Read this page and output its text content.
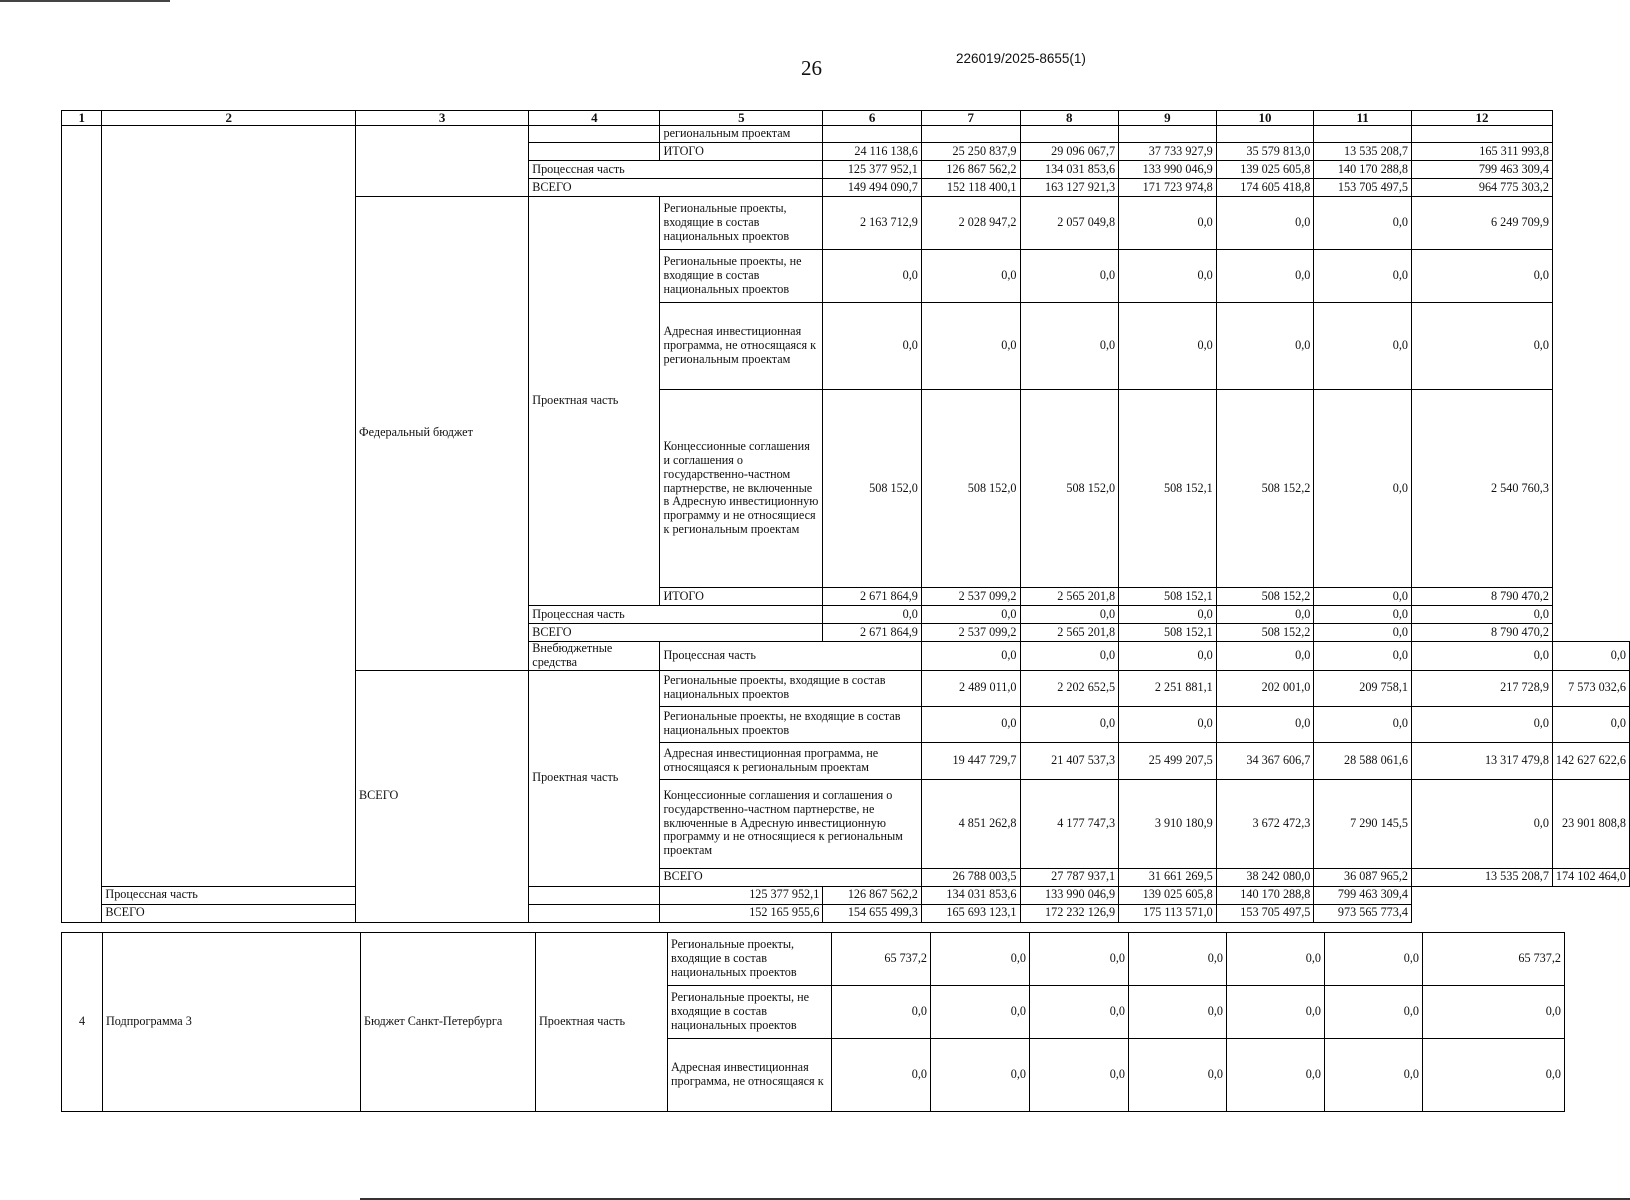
26	226019/2025-8655(1)
1	2	3	4	5	6	7	8	9	10	11	12	
				региональным проектам								
				ИТОГО	24 116 138,6	25 250 837,9	29 096 067,7	37 733 927,9	35 579 813,0	13 535 208,7	165 311 993,8	
			Процессная часть		125 377 952,1	126 867 562,2	134 031 853,6	133 990 046,9	139 025 605,8	140 170 288,8	799 463 309,4	
			ВСЕГО		149 494 090,7	152 118 400,1	163 127 921,3	171 723 974,8	174 605 418,8	153 705 497,5	964 775 303,2	
		Федеральный бюджет	Проектная часть	Региональные проекты, входящие в состав национальных проектов	2 163 712,9	2 028 947,2	2 057 049,8	0,0	0,0	0,0	6 249 709,9	
				Региональные проекты, не входящие в состав национальных проектов	0,0	0,0	0,0	0,0	0,0	0,0	0,0	
				Адресная инвестиционная программа, не относящаяся к региональным проектам	0,0	0,0	0,0	0,0	0,0	0,0	0,0	
				Концессионные соглашения и соглашения о государственно-частном партнерстве, не включенные в Адресную инвестиционную программу и не относящиеся к региональным проектам	508 152,0	508 152,0	508 152,0	508 152,1	508 152,2	0,0	2 540 760,3	
				ИТОГО	2 671 864,9	2 537 099,2	2 565 201,8	508 152,1	508 152,2	0,0	8 790 470,2	
			Процессная часть		0,0	0,0	0,0	0,0	0,0	0,0	0,0	
			ВСЕГО		2 671 864,9	2 537 099,2	2 565 201,8	508 152,1	508 152,2	0,0	8 790 470,2	
			Внебюджетные средства	Процессная часть		0,0	0,0	0,0	0,0	0,0	0,0	0,0
		ВСЕГО	Проектная часть	Региональные проекты, входящие в состав национальных проектов		2 489 011,0	2 202 652,5	2 251 881,1	202 001,0	209 758,1	217 728,9	7 573 032,6
				Региональные проекты, не входящие в состав национальных проектов		0,0	0,0	0,0	0,0	0,0	0,0	0,0
				Адресная инвестиционная программа, не относящаяся к региональным проектам		19 447 729,7	21 407 537,3	25 499 207,5	34 367 606,7	28 588 061,6	13 317 479,8	142 627 622,6
				Концессионные соглашения и соглашения о государственно-частном партнерстве, не включенные в Адресную инвестиционную программу и не относящиеся к региональным проектам		4 851 262,8	4 177 747,3	3 910 180,9	3 672 472,3	7 290 145,5	0,0	23 901 808,8
				ВСЕГО		26 788 003,5	27 787 937,1	31 661 269,5	38 242 080,0	36 087 965,2	13 535 208,7	174 102 464,0
	Процессная часть			125 377 952,1	126 867 562,2	134 031 853,6	133 990 046,9	139 025 605,8	140 170 288,8	799 463 309,4		
	ВСЕГО			152 165 955,6	154 655 499,3	165 693 123,1	172 232 126,9	175 113 571,0	153 705 497,5	973 565 773,4		
4	Подпрограмма 3	Бюджет Санкт-Петербурга	Проектная часть	Региональные проекты, входящие в состав национальных проектов	65 737,2	0,0	0,0	0,0	0,0	0,0	65 737,2
				Региональные проекты, не входящие в состав национальных проектов	0,0	0,0	0,0	0,0	0,0	0,0	0,0
				Адресная инвестиционная программа, не относящаяся к	0,0	0,0	0,0	0,0	0,0	0,0	0,0
